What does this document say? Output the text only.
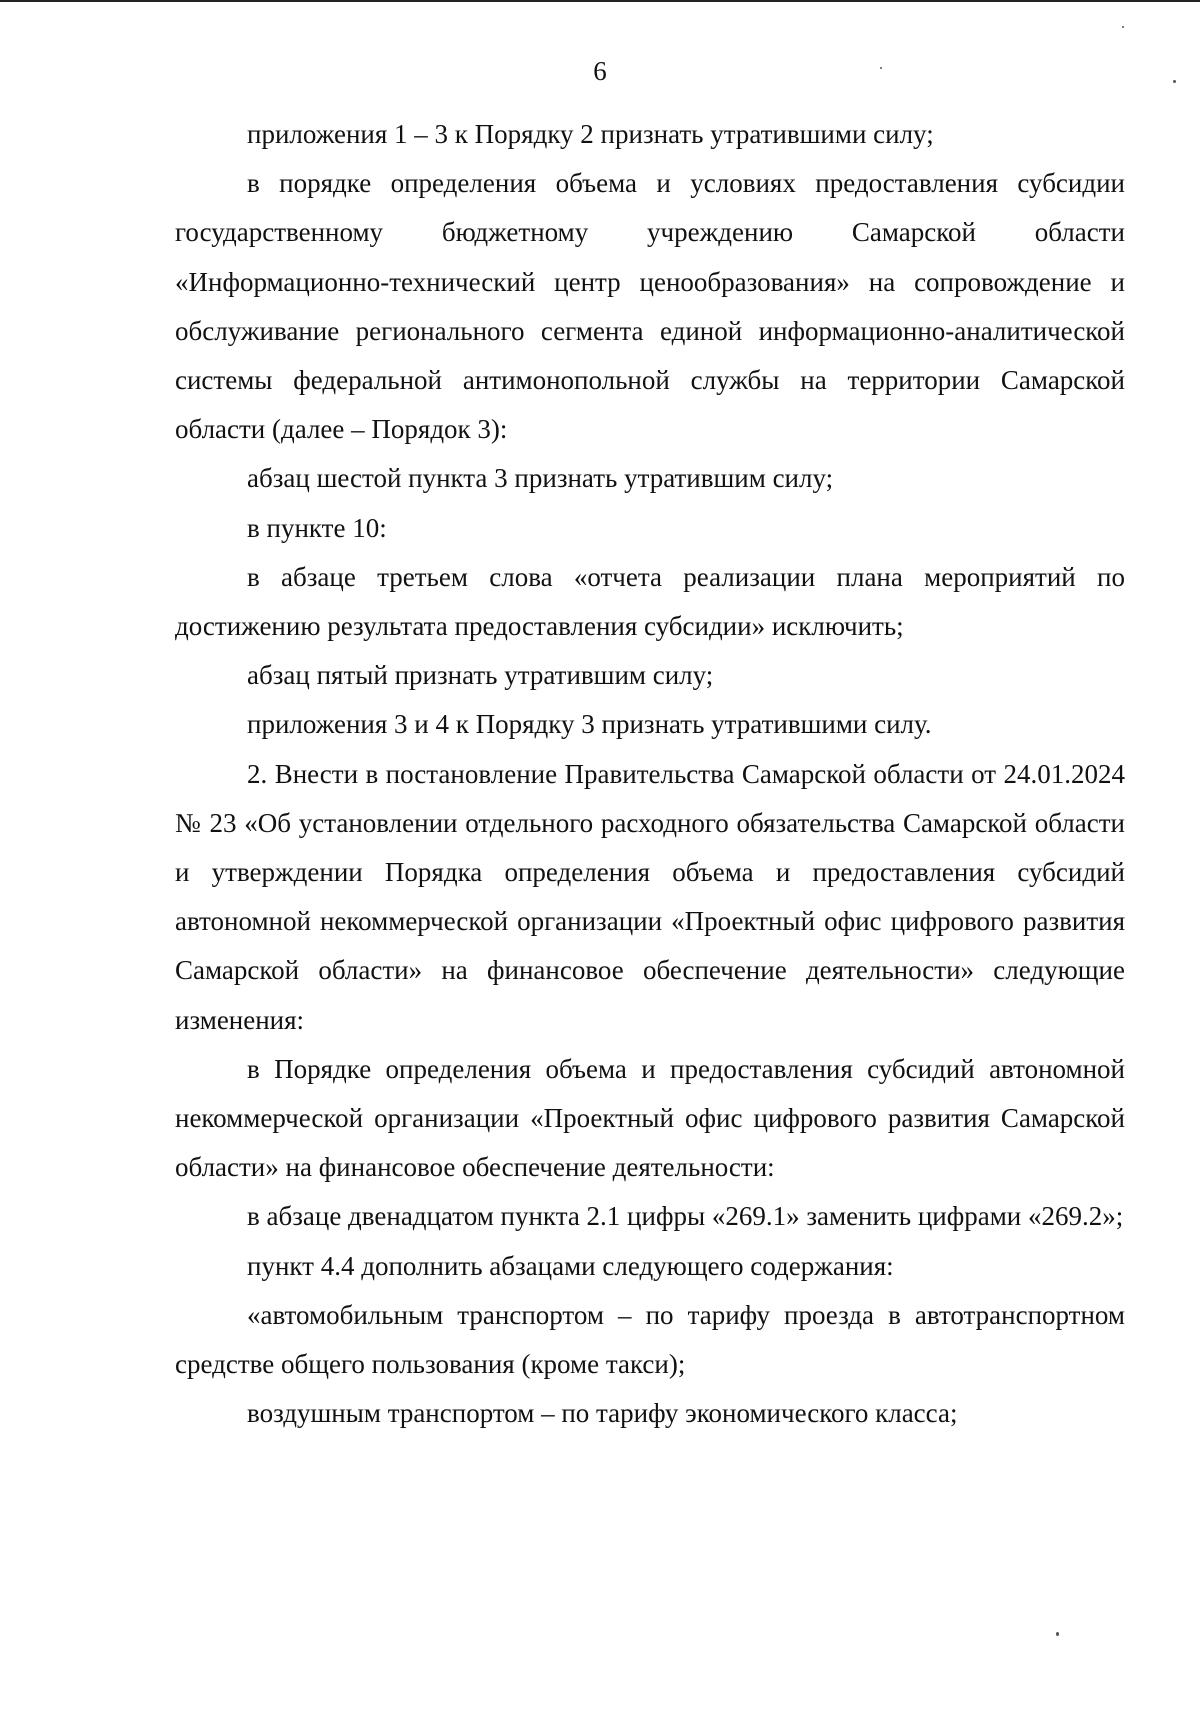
6

приложения 1 – 3 к Порядку 2 признать утратившими силу;

в порядке определения объема и условиях предоставления субсидии государственному бюджетному учреждению Самарской области «Информационно-технический центр ценообразования» на сопровождение и обслуживание регионального сегмента единой информационно-аналитической системы федеральной антимонопольной службы на территории Самарской области (далее – Порядок 3):

абзац шестой пункта 3 признать утратившим силу;

в пункте 10:

в абзаце третьем слова «отчета реализации плана мероприятий по достижению результата предоставления субсидии» исключить;

абзац пятый признать утратившим силу;

приложения 3 и 4 к Порядку 3 признать утратившими силу.

2. Внести в постановление Правительства Самарской области от 24.01.2024 № 23 «Об установлении отдельного расходного обязательства Самарской области и утверждении Порядка определения объема и предоставления субсидий автономной некоммерческой организации «Проектный офис цифрового развития Самарской области» на финансовое обеспечение деятельности» следующие изменения:

в Порядке определения объема и предоставления субсидий автономной некоммерческой организации «Проектный офис цифрового развития Самарской области» на финансовое обеспечение деятельности:

в абзаце двенадцатом пункта 2.1 цифры «269.1» заменить цифрами «269.2»;

пункт 4.4 дополнить абзацами следующего содержания:

«автомобильным транспортом – по тарифу проезда в автотранспортном средстве общего пользования (кроме такси);

воздушным транспортом – по тарифу экономического класса;
